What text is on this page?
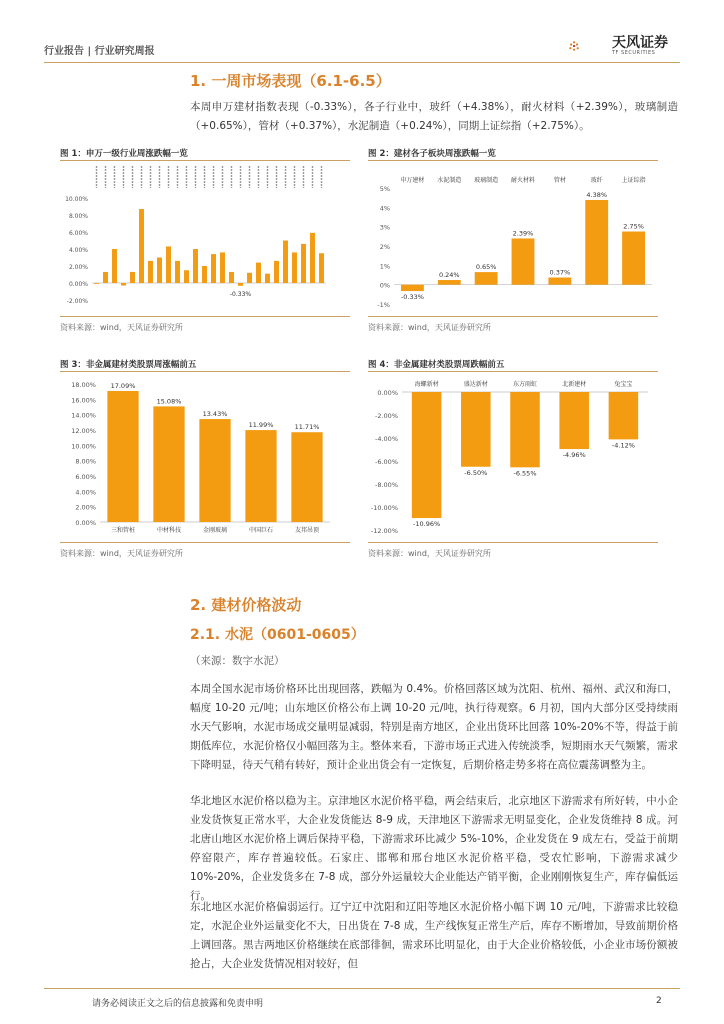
行业报告 | 行业研究周报
天风证券
TF SECURITIES
1. 一周市场表现（6.1-6.5）
本周申万建材指数表现（-0.33%），各子行业中，玻纤（+4.38%），耐火材料（+2.39%），玻璃制造（+0.65%），管材（+0.37%），水泥制造（+0.24%），同期上证综指（+2.75%）。
图 1：申万一级行业周涨跌幅一览
10.00%
8.00%
6.00%
4.00%
2.00%
0.00%
-2.00%
-0.33%
资料来源：wind，天风证券研究所
图 2：建材各子板块周涨跌幅一览
5%
4%
3%
2%
1%
0%
-1%
-0.33%
申万建材
0.24%
水泥制造
0.65%
玻璃制造
2.39%
耐火材料
0.37%
管材
4.38%
玻纤
2.75%
上证综指
资料来源：wind，天风证券研究所
图 3：非金属建材类股票周涨幅前五
18.00%
16.00%
14.00%
12.00%
10.00%
8.00%
6.00%
4.00%
2.00%
0.00%
17.09%
三和管桩
15.08%
中材科技
13.43%
金刚玻璃
11.99%
中国巨石
11.71%
友邦吊顶
资料来源：wind，天风证券研究所
图 4：非金属建材类股票周跌幅前五
0.00%
-2.00%
-4.00%
-6.00%
-8.00%
-10.00%
-12.00%
-10.96%
海螺新材
-6.50%
盛达新材
-6.55%
东方雨虹
-4.96%
北新建材
-4.12%
兔宝宝
资料来源：wind，天风证券研究所
2. 建材价格波动
2.1. 水泥（0601-0605）
（来源：数字水泥）
本周全国水泥市场价格环比出现回落，跌幅为 0.4%。价格回落区域为沈阳、杭州、福州、武汉和海口，幅度 10-20 元/吨；山东地区价格公布上调 10-20 元/吨，执行待观察。6 月初，国内大部分区受持续雨水天气影响，水泥市场成交量明显减弱，特别是南方地区，企业出货环比回落 10%-20%不等，得益于前期低库位，水泥价格仅小幅回落为主。整体来看，下游市场正式进入传统淡季，短期雨水天气频繁，需求下降明显，待天气稍有转好，预计企业出货会有一定恢复，后期价格走势多将在高位震荡调整为主。
华北地区水泥价格以稳为主。京津地区水泥价格平稳，两会结束后，北京地区下游需求有所好转，中小企业发货恢复正常水平，大企业发货能达 8-9 成，天津地区下游需求无明显变化，企业发货维持 8 成。河北唐山地区水泥价格上调后保持平稳，下游需求环比减少 5%-10%，企业发货在 9 成左右，受益于前期停窑限产，库存普遍较低。石家庄、邯郸和邢台地区水泥价格平稳，受农忙影响，下游需求减少 10%-20%，企业发货多在 7-8 成，部分外运量较大企业能达产销平衡，企业刚刚恢复生产，库存偏低运行。
东北地区水泥价格偏弱运行。辽宁辽中沈阳和辽阳等地区水泥价格小幅下调 10 元/吨，下游需求比较稳定，水泥企业外运量变化不大，日出货在 7-8 成，生产线恢复正常生产后，库存不断增加，导致前期价格上调回落。黑吉两地区价格继续在底部徘徊，需求环比明显化，由于大企业价格较低，小企业市场份额被抢占，大企业发货情况相对较好，但
请务必阅读正文之后的信息披露和免责申明	2
